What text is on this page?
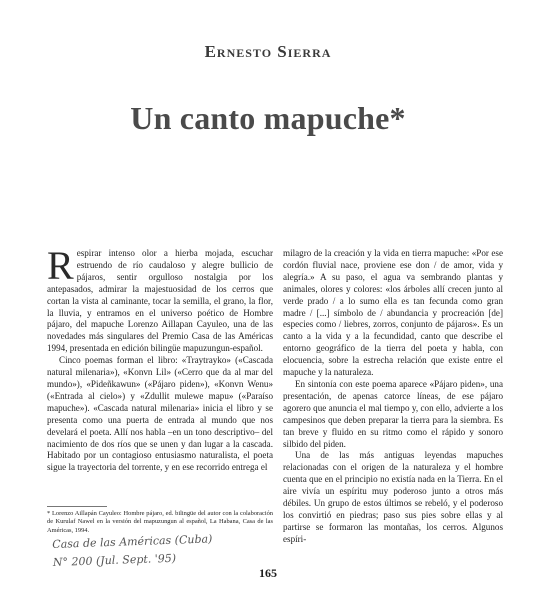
Ernesto Sierra
Un canto mapuche*

Respirar intenso olor a hierba mojada, escuchar estruendo de río caudaloso y alegre bullicio de pájaros, sentir orgulloso nostalgia por los antepasados, admirar la majestuosidad de los cerros que cortan la vista al caminante, tocar la semilla, el grano, la flor, la lluvia, y entramos en el universo poético de Hombre pájaro, del mapuche Lorenzo Aillapan Cayuleo, una de las novedades más singulares del Premio Casa de las Américas 1994, presentada en edición bilingüe mapuzungun-español.

Cinco poemas forman el libro: «Traytrayko» («Cascada natural milenaria»), «Konvn Lil» («Cerro que da al mar del mundo»), «Pideñkawun» («Pájaro piden»), «Konvn Wenu» («Entrada al cielo») y «Zdullit mulewe mapu» («Paraíso mapuche»). «Cascada natural milenaria» inicia el libro y se presenta como una puerta de entrada al mundo que nos develará el poeta. Allí nos habla –en un tono descriptivo– del nacimiento de dos ríos que se unen y dan lugar a la cascada. Habitado por un contagioso entusiasmo naturalista, el poeta sigue la trayectoria del torrente, y en ese recorrido entrega el

milagro de la creación y la vida en tierra mapuche: «Por ese cordón fluvial nace, proviene ese don / de amor, vida y alegría.» A su paso, el agua va sembrando plantas y animales, olores y colores: «los árboles allí crecen junto al verde prado / a lo sumo ella es tan fecunda como gran madre / [...] símbolo de / abundancia y procreación [de] especies como / liebres, zorros, conjunto de pájaros». Es un canto a la vida y a la fecundidad, canto que describe el entorno geográfico de la tierra del poeta y habla, con elocuencia, sobre la estrecha relación que existe entre el mapuche y la naturaleza.

En sintonía con este poema aparece «Pájaro piden», una presentación, de apenas catorce líneas, de ese pájaro agorero que anuncia el mal tiempo y, con ello, advierte a los campesinos que deben preparar la tierra para la siembra. Es tan breve y fluido en su ritmo como el rápido y sonoro silbido del piden.

Una de las más antiguas leyendas mapuches relacionadas con el origen de la naturaleza y el hombre cuenta que en el principio no existía nada en la Tierra. En el aire vivía un espíritu muy poderoso junto a otros más débiles. Un grupo de estos últimos se rebeló, y el poderoso los convirtió en piedras; paso sus pies sobre ellas y al partirse se formaron las montañas, los cerros. Algunos espíri-

* Lorenzo Aillapán Cayuleo: Hombre pájaro, ed. bilingüe del autor con la colaboración de Kurulaf Nawel en la versión del mapuzungun al español, La Habana, Casa de las Américas, 1994.
Casa de las Américas (Cuba)
N° 200 (Jul. Sept. '95)
165
